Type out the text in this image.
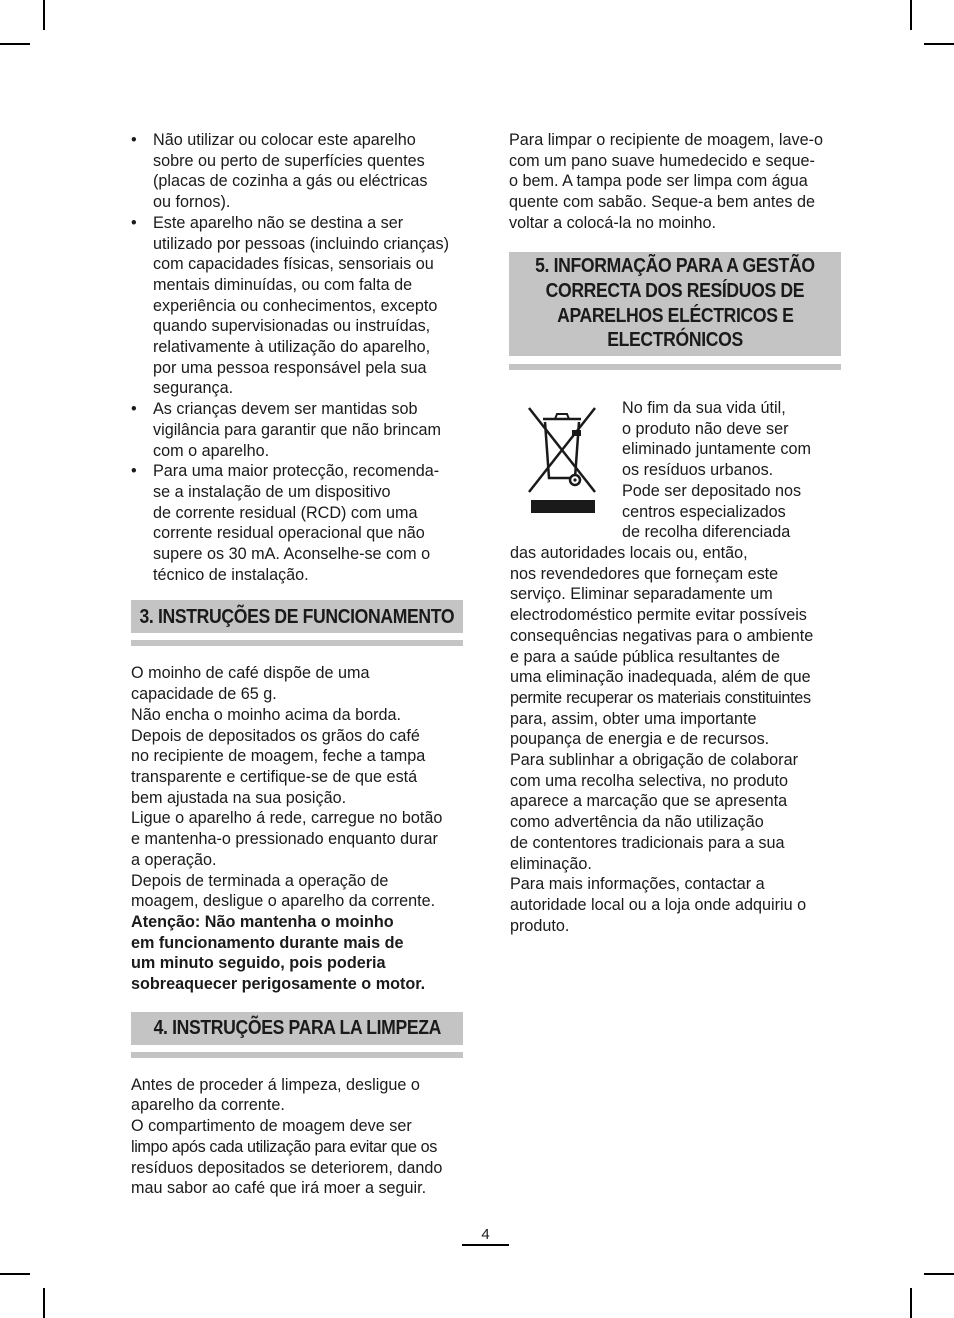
• Não utilizar ou colocar este aparelho
sobre ou perto de superfícies quentes
(placas de cozinha a gás ou eléctricas
ou fornos).
• Este aparelho não se destina a ser
utilizado por pessoas (incluindo crianças)
com capacidades físicas, sensoriais ou
mentais diminuídas, ou com falta de
experiência ou conhecimentos, excepto
quando supervisionadas ou instruídas,
relativamente à utilização do aparelho,
por uma pessoa responsável pela sua
segurança.
• As crianças devem ser mantidas sob
vigilância para garantir que não brincam
com o aparelho.
• Para uma maior protecção, recomenda-
se a instalação de um dispositivo
de corrente residual (RCD) com uma
corrente residual operacional que não
supere os 30 mA. Aconselhe-se com o
técnico de instalação.
3. INSTRUÇÕES DE FUNCIONAMENTO
O moinho de café dispõe de uma
capacidade de 65 g.
Não encha o moinho acima da borda.
Depois de depositados os grãos do café
no recipiente de moagem, feche a tampa
transparente e certifique-se de que está
bem ajustada na sua posição.
Ligue o aparelho á rede, carregue no botão
e mantenha-o pressionado enquanto durar
a operação.
Depois de terminada a operação de
moagem, desligue o aparelho da corrente.
Atenção: Não mantenha o moinho
em funcionamento durante mais de
um minuto seguido, pois poderia
sobreaquecer perigosamente o motor.
4. INSTRUÇÕES PARA LA LIMPEZA
Antes de proceder á limpeza, desligue o
aparelho da corrente.
O compartimento de moagem deve ser
limpo após cada utilização para evitar que os
resíduos depositados se deteriorem, dando
mau sabor ao café que irá moer a seguir.
Para limpar o recipiente de moagem, lave-o
com um pano suave humedecido e seque-
o bem. A tampa pode ser limpa com água
quente com sabão. Seque-a bem antes de
voltar a colocá-la no moinho.
5. INFORMAÇÃO PARA A GESTÃO
CORRECTA DOS RESÍDUOS DE
APARELHOS ELÉCTRICOS E
ELECTRÓNICOS
No fim da sua vida útil,
o produto não deve ser
eliminado juntamente com
os resíduos urbanos.
Pode ser depositado nos
centros especializados
de recolha diferenciada
das autoridades locais ou, então,
nos revendedores que forneçam este
serviço. Eliminar separadamente um
electrodoméstico permite evitar possíveis
consequências negativas para o ambiente
e para a saúde pública resultantes de
uma eliminação inadequada, além de que
permite recuperar os materiais constituintes
para, assim, obter uma importante
poupança de energia e de recursos.
Para sublinhar a obrigação de colaborar
com uma recolha selectiva, no produto
aparece a marcação que se apresenta
como advertência da não utilização
de contentores tradicionais para a sua
eliminação.
Para mais informações, contactar a
autoridade local ou a loja onde adquiriu o
produto.
4
